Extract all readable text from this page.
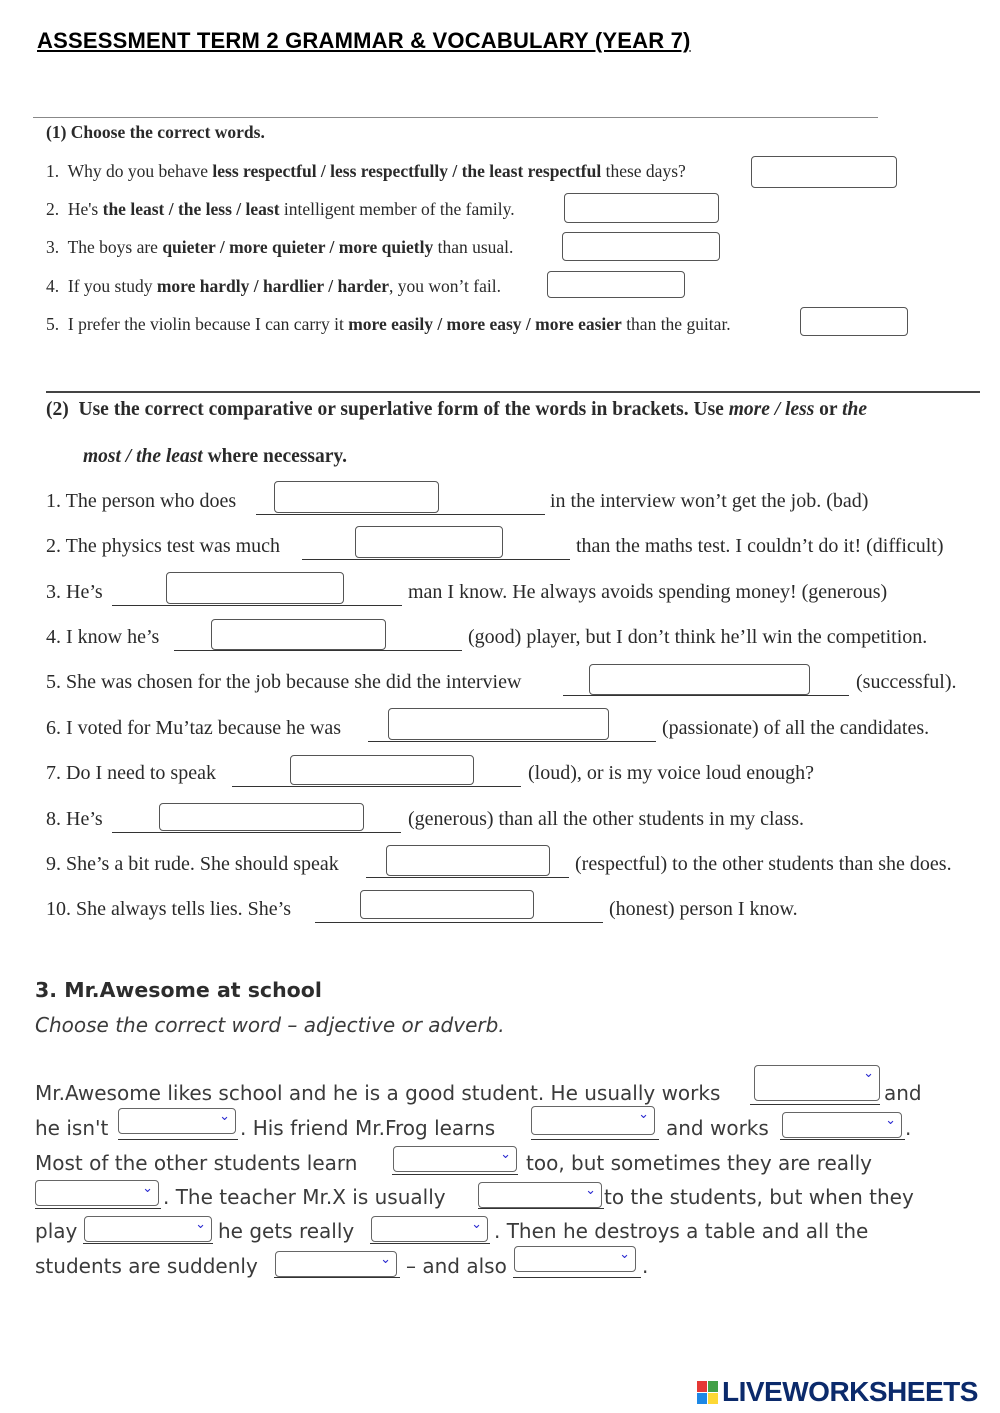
ASSESSMENT TERM 2 GRAMMAR & VOCABULARY (YEAR 7)
(1) Choose the correct words.
1. Why do you behave less respectful / less respectfully / the least respectful these days?
2. He's the least / the less / least intelligent member of the family.
3. The boys are quieter / more quieter / more quietly than usual.
4. If you study more hardly / hardlier / harder, you won’t fail.
5. I prefer the violin because I can carry it more easily / more easy / more easier than the guitar.
(2) Use the correct comparative or superlative form of the words in brackets. Use more / less or the
most / the least where necessary.
1. The person who does	in the interview won’t get the job. (bad)
2. The physics test was much	than the maths test. I couldn’t do it! (difficult)
3. He’s	man I know. He always avoids spending money! (generous)
4. I know he’s	(good) player, but I don’t think he’ll win the competition.
5. She was chosen for the job because she did the interview	(successful).
6. I voted for Mu’taz because he was	(passionate) of all the candidates.
7. Do I need to speak	(loud), or is my voice loud enough?
8. He’s	(generous) than all the other students in my class.
9. She’s a bit rude. She should speak	(respectful) to the other students than she does.
10. She always tells lies. She’s	(honest) person I know.
3. Mr.Awesome at school
Choose the correct word – adjective or adverb.
Mr.Awesome likes school and he is a good student. He usually works
⌄
and
he isn't	⌄ . His friend Mr.Frog learns
⌄
and works	⌄ .
Most of the other students learn	⌄ too, but sometimes they are really
⌄ . The teacher Mr.X is usually	⌄ to the students, but when they
play	⌄ he gets really	⌄ . Then he destroys a table and all the
students are suddenly	⌄ – and also	⌄ .
LIVEWORKSHEETS
